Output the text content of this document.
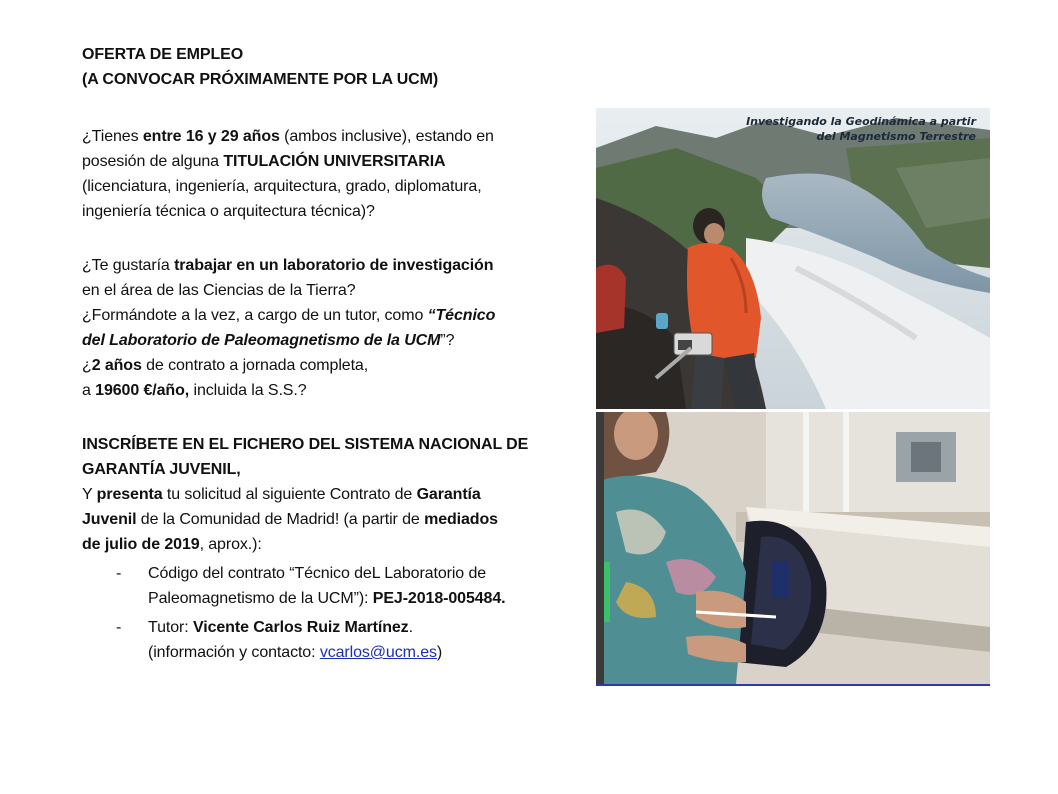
OFERTA DE EMPLEO
(A CONVOCAR PRÓXIMAMENTE POR LA UCM)
¿Tienes entre 16 y 29 años (ambos inclusive), estando en
posesión de alguna TITULACIÓN UNIVERSITARIA
(licenciatura, ingeniería, arquitectura, grado, diplomatura,
ingeniería técnica o arquitectura técnica)?
¿Te gustaría trabajar en un laboratorio de investigación
en el área de las Ciencias de la Tierra?
¿Formándote a la vez, a cargo de un tutor, como “Técnico
del Laboratorio de Paleomagnetismo de la UCM”?
¿2 años de contrato a jornada completa,
a 19600 €/año, incluida la S.S.?
INSCRÍBETE EN EL FICHERO DEL SISTEMA NACIONAL DE
GARANTÍA JUVENIL,
Y presenta tu solicitud al siguiente Contrato de Garantía
Juvenil de la Comunidad de Madrid! (a partir de mediados
de julio de 2019, aprox.):
- Código del contrato “Técnico deL Laboratorio de
Paleomagnetismo de la UCM”): PEJ-2018-005484.
- Tutor: Vicente Carlos Ruiz Martínez.
(información y contacto: vcarlos@ucm.es)
Investigando la Geodinámica a partir
del Magnetismo Terrestre
